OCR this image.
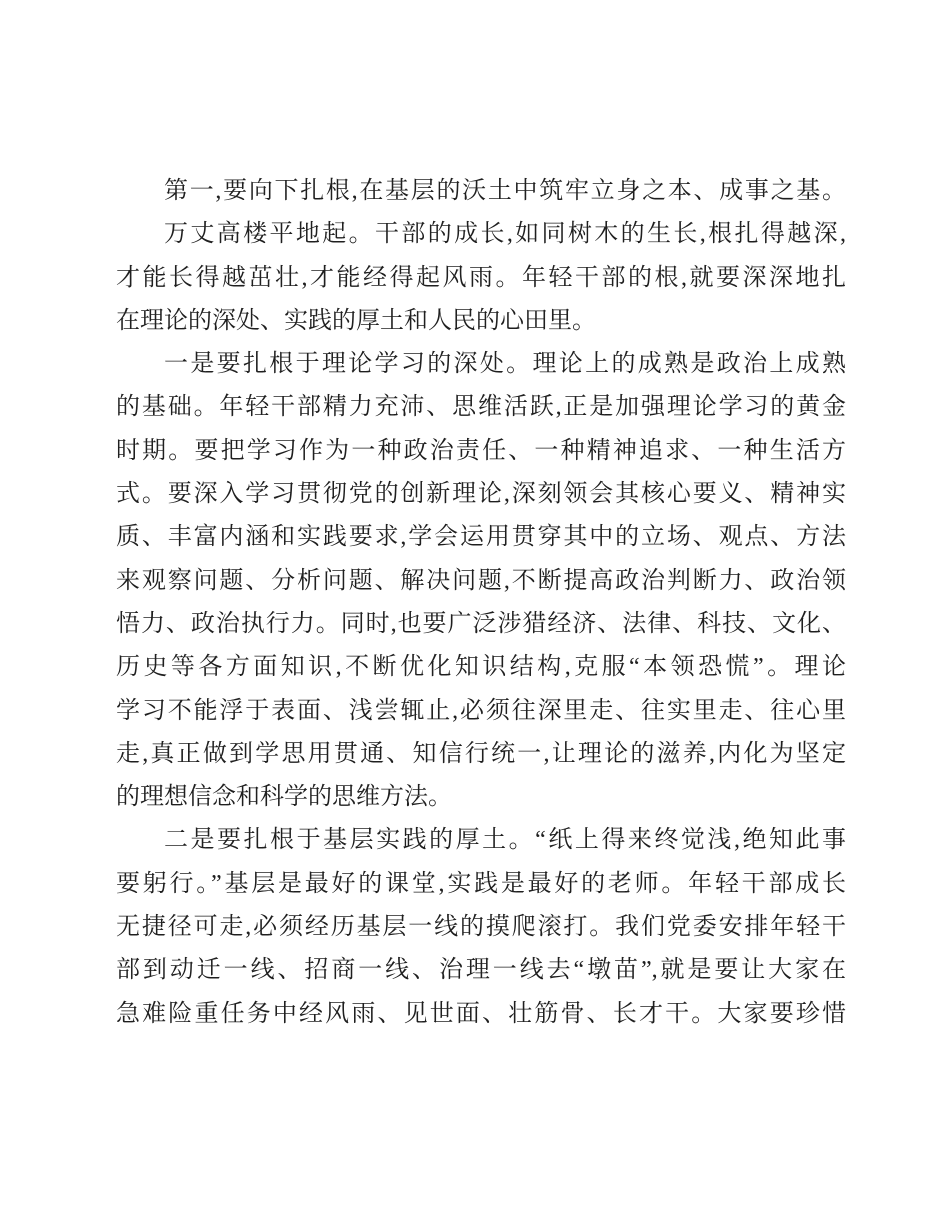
第一,要向下扎根,在基层的沃土中筑牢立身之本、成事之基。
万丈高楼平地起。干部的成长,如同树木的生长,根扎得越深,
才能长得越茁壮,才能经得起风雨。年轻干部的根,就要深深地扎
在理论的深处、实践的厚土和人民的心田里。
一是要扎根于理论学习的深处。理论上的成熟是政治上成熟
的基础。年轻干部精力充沛、思维活跃,正是加强理论学习的黄金
时期。要把学习作为一种政治责任、一种精神追求、一种生活方
式。要深入学习贯彻党的创新理论,深刻领会其核心要义、精神实
质、丰富内涵和实践要求,学会运用贯穿其中的立场、观点、方法
来观察问题、分析问题、解决问题,不断提高政治判断力、政治领
悟力、政治执行力。同时,也要广泛涉猎经济、法律、科技、文化、
历史等各方面知识,不断优化知识结构,克服“本领恐慌”。理论
学习不能浮于表面、浅尝辄止,必须往深里走、往实里走、往心里
走,真正做到学思用贯通、知信行统一,让理论的滋养,内化为坚定
的理想信念和科学的思维方法。
二是要扎根于基层实践的厚土。“纸上得来终觉浅,绝知此事
要躬行。”基层是最好的课堂,实践是最好的老师。年轻干部成长
无捷径可走,必须经历基层一线的摸爬滚打。我们党委安排年轻干
部到动迁一线、招商一线、治理一线去“墩苗”,就是要让大家在
急难险重任务中经风雨、见世面、壮筋骨、长才干。大家要珍惜
